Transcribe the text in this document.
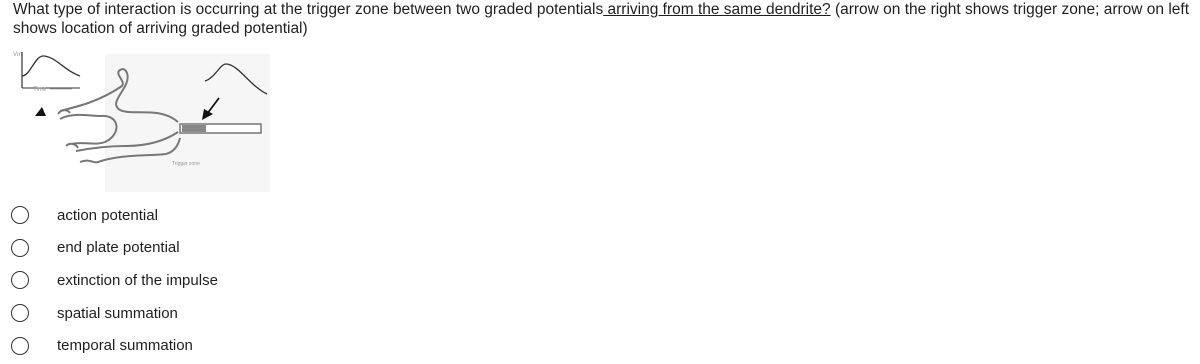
What type of interaction is occurring at the trigger zone between two graded potentials arriving from the same dendrite? (arrow on the right shows trigger zone; arrow on left shows location of arriving graded potential)
Vm
Time
Trigger zone
action potential
end plate potential
extinction of the impulse
spatial summation
temporal summation
